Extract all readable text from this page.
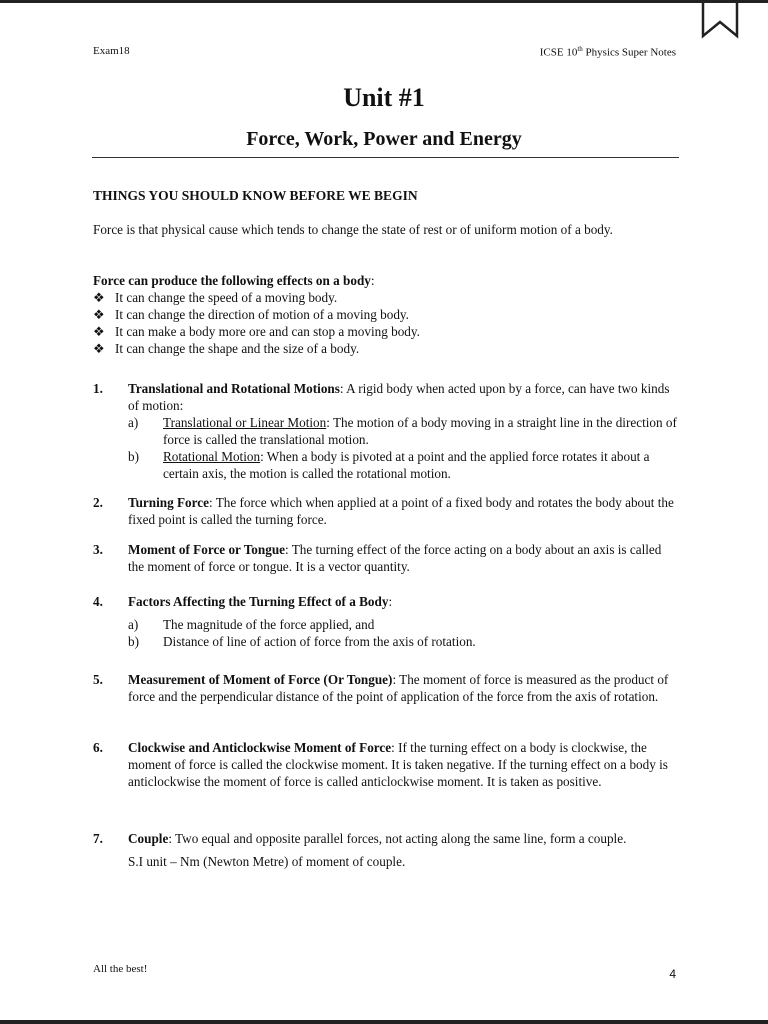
Exam18	ICSE 10th Physics Super Notes
Unit #1
Force, Work, Power and Energy
THINGS YOU SHOULD KNOW BEFORE WE BEGIN
Force is that physical cause which tends to change the state of rest or of uniform motion of a body.
Force can produce the following effects on a body:
❖ It can change the speed of a moving body.
❖ It can change the direction of motion of a moving body.
❖ It can make a body more ore and can stop a moving body.
❖ It can change the shape and the size of a body.
1. Translational and Rotational Motions: A rigid body when acted upon by a force, can have two kinds of motion:
a) Translational or Linear Motion: The motion of a body moving in a straight line in the direction of force is called the translational motion.
b) Rotational Motion: When a body is pivoted at a point and the applied force rotates it about a certain axis, the motion is called the rotational motion.
2. Turning Force: The force which when applied at a point of a fixed body and rotates the body about the fixed point is called the turning force.
3. Moment of Force or Tongue: The turning effect of the force acting on a body about an axis is called the moment of force or tongue. It is a vector quantity.
4. Factors Affecting the Turning Effect of a Body:
a) The magnitude of the force applied, and
b) Distance of line of action of force from the axis of rotation.
5. Measurement of Moment of Force (Or Tongue): The moment of force is measured as the product of force and the perpendicular distance of the point of application of the force from the axis of rotation.
6. Clockwise and Anticlockwise Moment of Force: If the turning effect on a body is clockwise, the moment of force is called the clockwise moment. It is taken negative. If the turning effect on a body is anticlockwise the moment of force is called anticlockwise moment. It is taken as positive.
7. Couple: Two equal and opposite parallel forces, not acting along the same line, form a couple.
S.I unit – Nm (Newton Metre) of moment of couple.
All the best!	4
